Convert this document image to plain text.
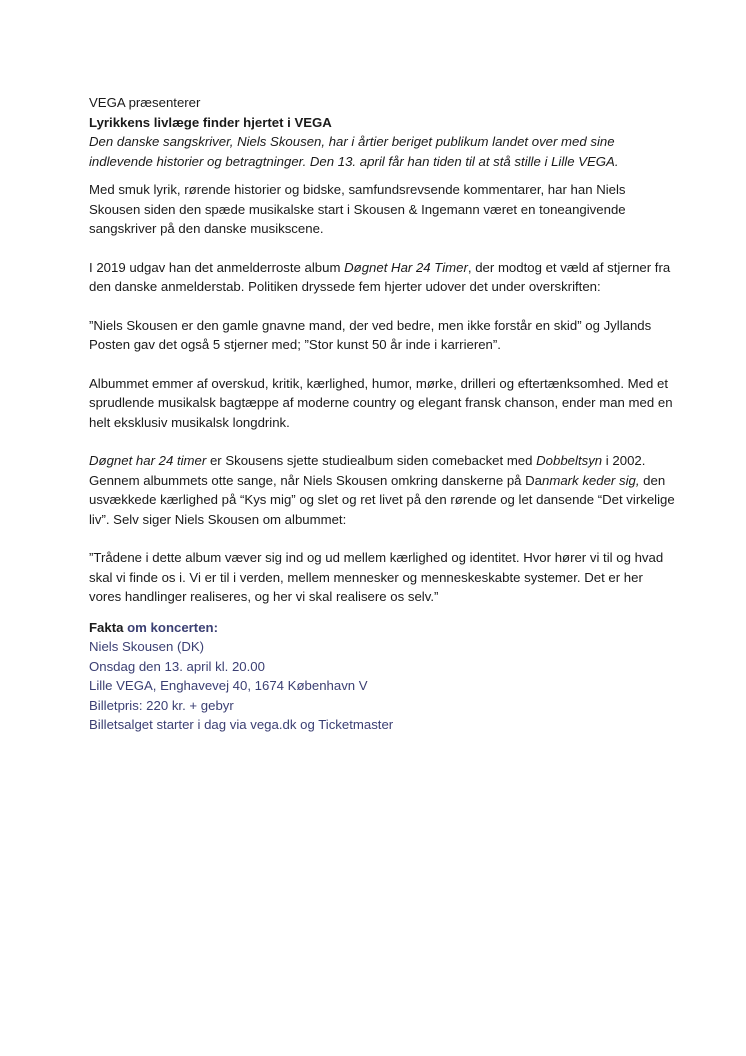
VEGA præsenterer

Lyrikkens livlæge finder hjertet i VEGA

Den danske sangskriver, Niels Skousen, har i årtier beriget publikum landet over med sine

indlevende historier og betragtninger. Den 13. april får han tiden til at stå stille i Lille VEGA.

Med smuk lyrik, rørende historier og bidske, samfundsrevsende kommentarer, har han Niels Skousen siden den spæde musikalske start i Skousen & Ingemann været en toneangivende sangskriver på den danske musikscene.

I 2019 udgav han det anmelderroste album Døgnet Har 24 Timer, der modtog et væld af stjerner fra den danske anmelderstab. Politiken dryssede fem hjerter udover det under overskriften:

”Niels Skousen er den gamle gnavne mand, der ved bedre, men ikke forstår en skid” og Jyllands Posten gav det også 5 stjerner med; ”Stor kunst 50 år inde i karrieren”.

Albummet emmer af overskud, kritik, kærlighed, humor, mørke, drilleri og eftertænksomhed. Med et sprudlende musikalsk bagtæppe af moderne country og elegant fransk chanson, ender man med en helt eksklusiv musikalsk longdrink.

Døgnet har 24 timer er Skousens sjette studiealbum siden comebacket med Dobbeltsyn i 2002. Gennem albummets otte sange, når Niels Skousen omkring danskerne på Danmark keder sig, den usvækkede kærlighed på “Kys mig” og slet og ret livet på den rørende og let dansende “Det virkelige liv”. Selv siger Niels Skousen om albummet:

”Trådene i dette album væver sig ind og ud mellem kærlighed og identitet. Hvor hører vi til og hvad skal vi finde os i. Vi er til i verden, mellem mennesker og menneskeskabte systemer. Det er her vores handlinger realiseres, og her vi skal realisere os selv.”

Fakta om koncerten:

Niels Skousen (DK)

Onsdag den 13. april kl. 20.00

Lille VEGA, Enghavevej 40, 1674 København V

Billetpris: 220 kr. + gebyr

Billetsalget starter i dag via vega.dk og Ticketmaster
